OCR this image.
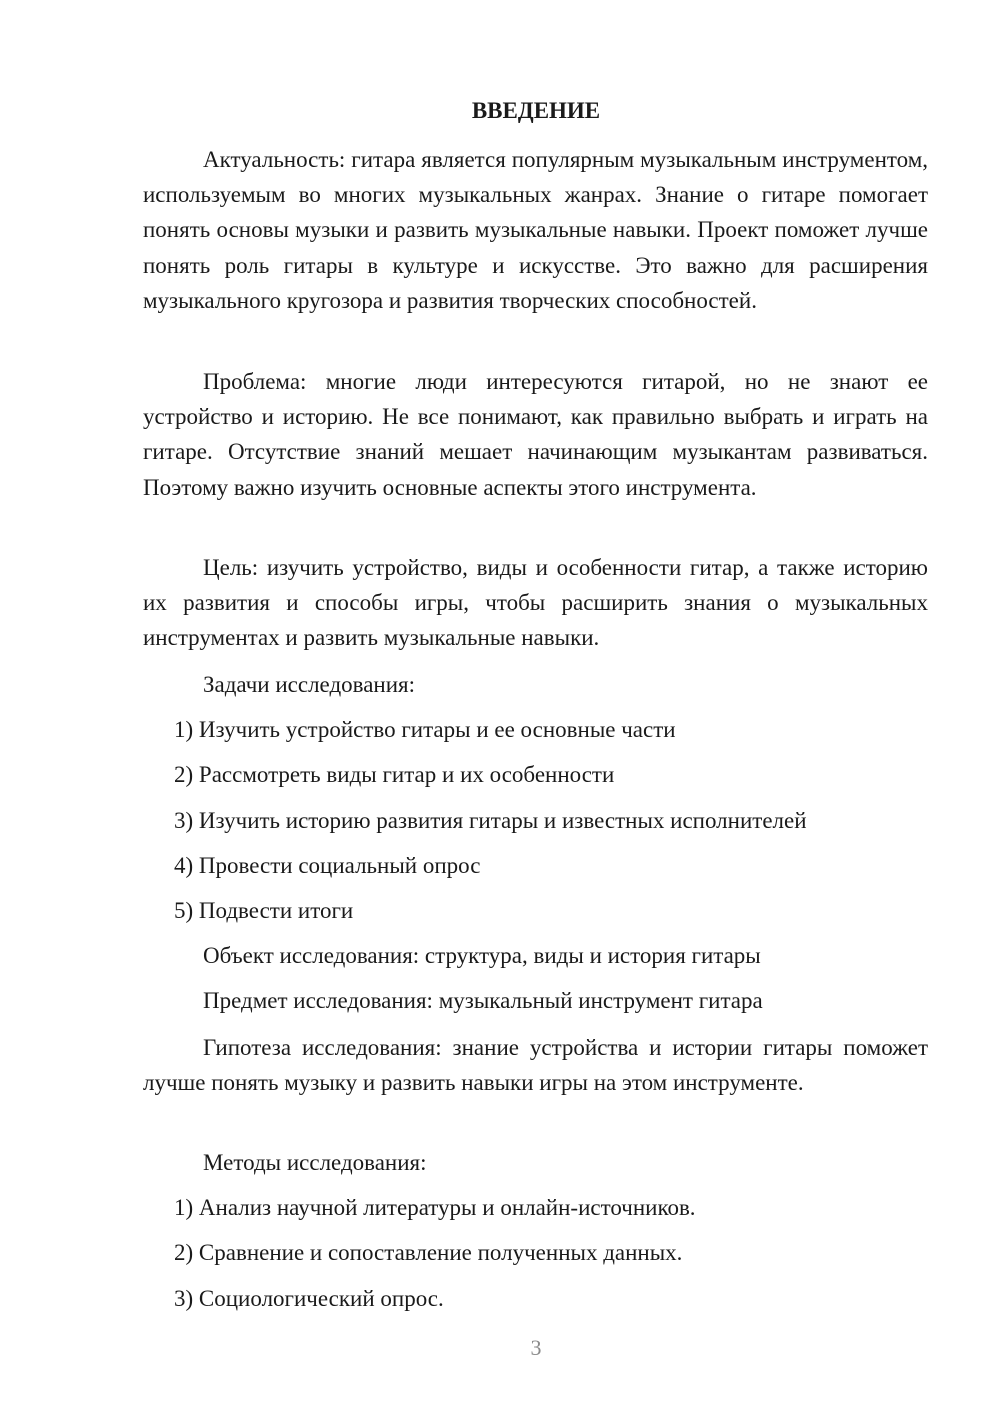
ВВЕДЕНИЕ

Актуальность: гитара является популярным музыкальным инструментом, используемым во многих музыкальных жанрах. Знание о гитаре помогает понять основы музыки и развить музыкальные навыки. Проект поможет лучше понять роль гитары в культуре и искусстве. Это важно для расширения музыкального кругозора и развития творческих способностей.

Проблема: многие люди интересуются гитарой, но не знают ее устройство и историю. Не все понимают, как правильно выбрать и играть на гитаре. Отсутствие знаний мешает начинающим музыкантам развиваться. Поэтому важно изучить основные аспекты этого инструмента.

Цель: изучить устройство, виды и особенности гитар, а также историю их развития и способы игры, чтобы расширить знания о музыкальных инструментах и развить музыкальные навыки.

Задачи исследования:
1) Изучить устройство гитары и ее основные части
2) Рассмотреть виды гитар и их особенности
3) Изучить историю развития гитары и известных исполнителей
4) Провести социальный опрос
5) Подвести итоги
Объект исследования: структура, виды и история гитары
Предмет исследования: музыкальный инструмент гитара

Гипотеза исследования: знание устройства и истории гитары поможет лучше понять музыку и развить навыки игры на этом инструменте.

Методы исследования:
1) Анализ научной литературы и онлайн-источников.
2) Сравнение и сопоставление полученных данных.
3) Социологический опрос.
3
